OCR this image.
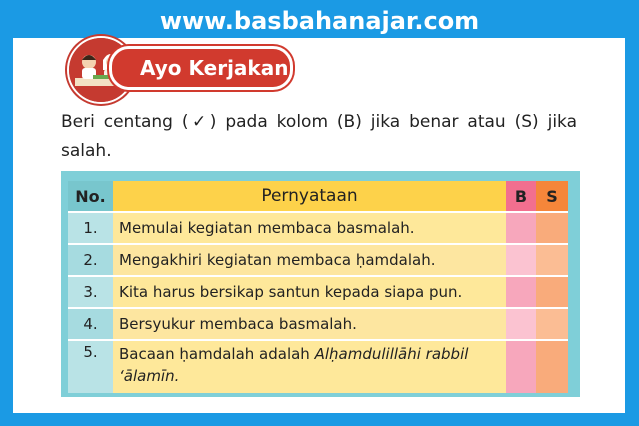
www.basbahanajar.com
Ayo Kerjakan
Beri centang (✓) pada kolom (B) jika benar atau (S) jika salah.
No.	Pernyataan	B	S
1.	Memulai kegiatan membaca basmalah.		
2.	Mengakhiri kegiatan membaca ḥamdalah.		
3.	Kita harus bersikap santun kepada siapa pun.		
4.	Bersyukur membaca basmalah.		
5.	Bacaan ḥamdalah adalah Alḥamdulillāhi rabbil ‘ālamīn.		
